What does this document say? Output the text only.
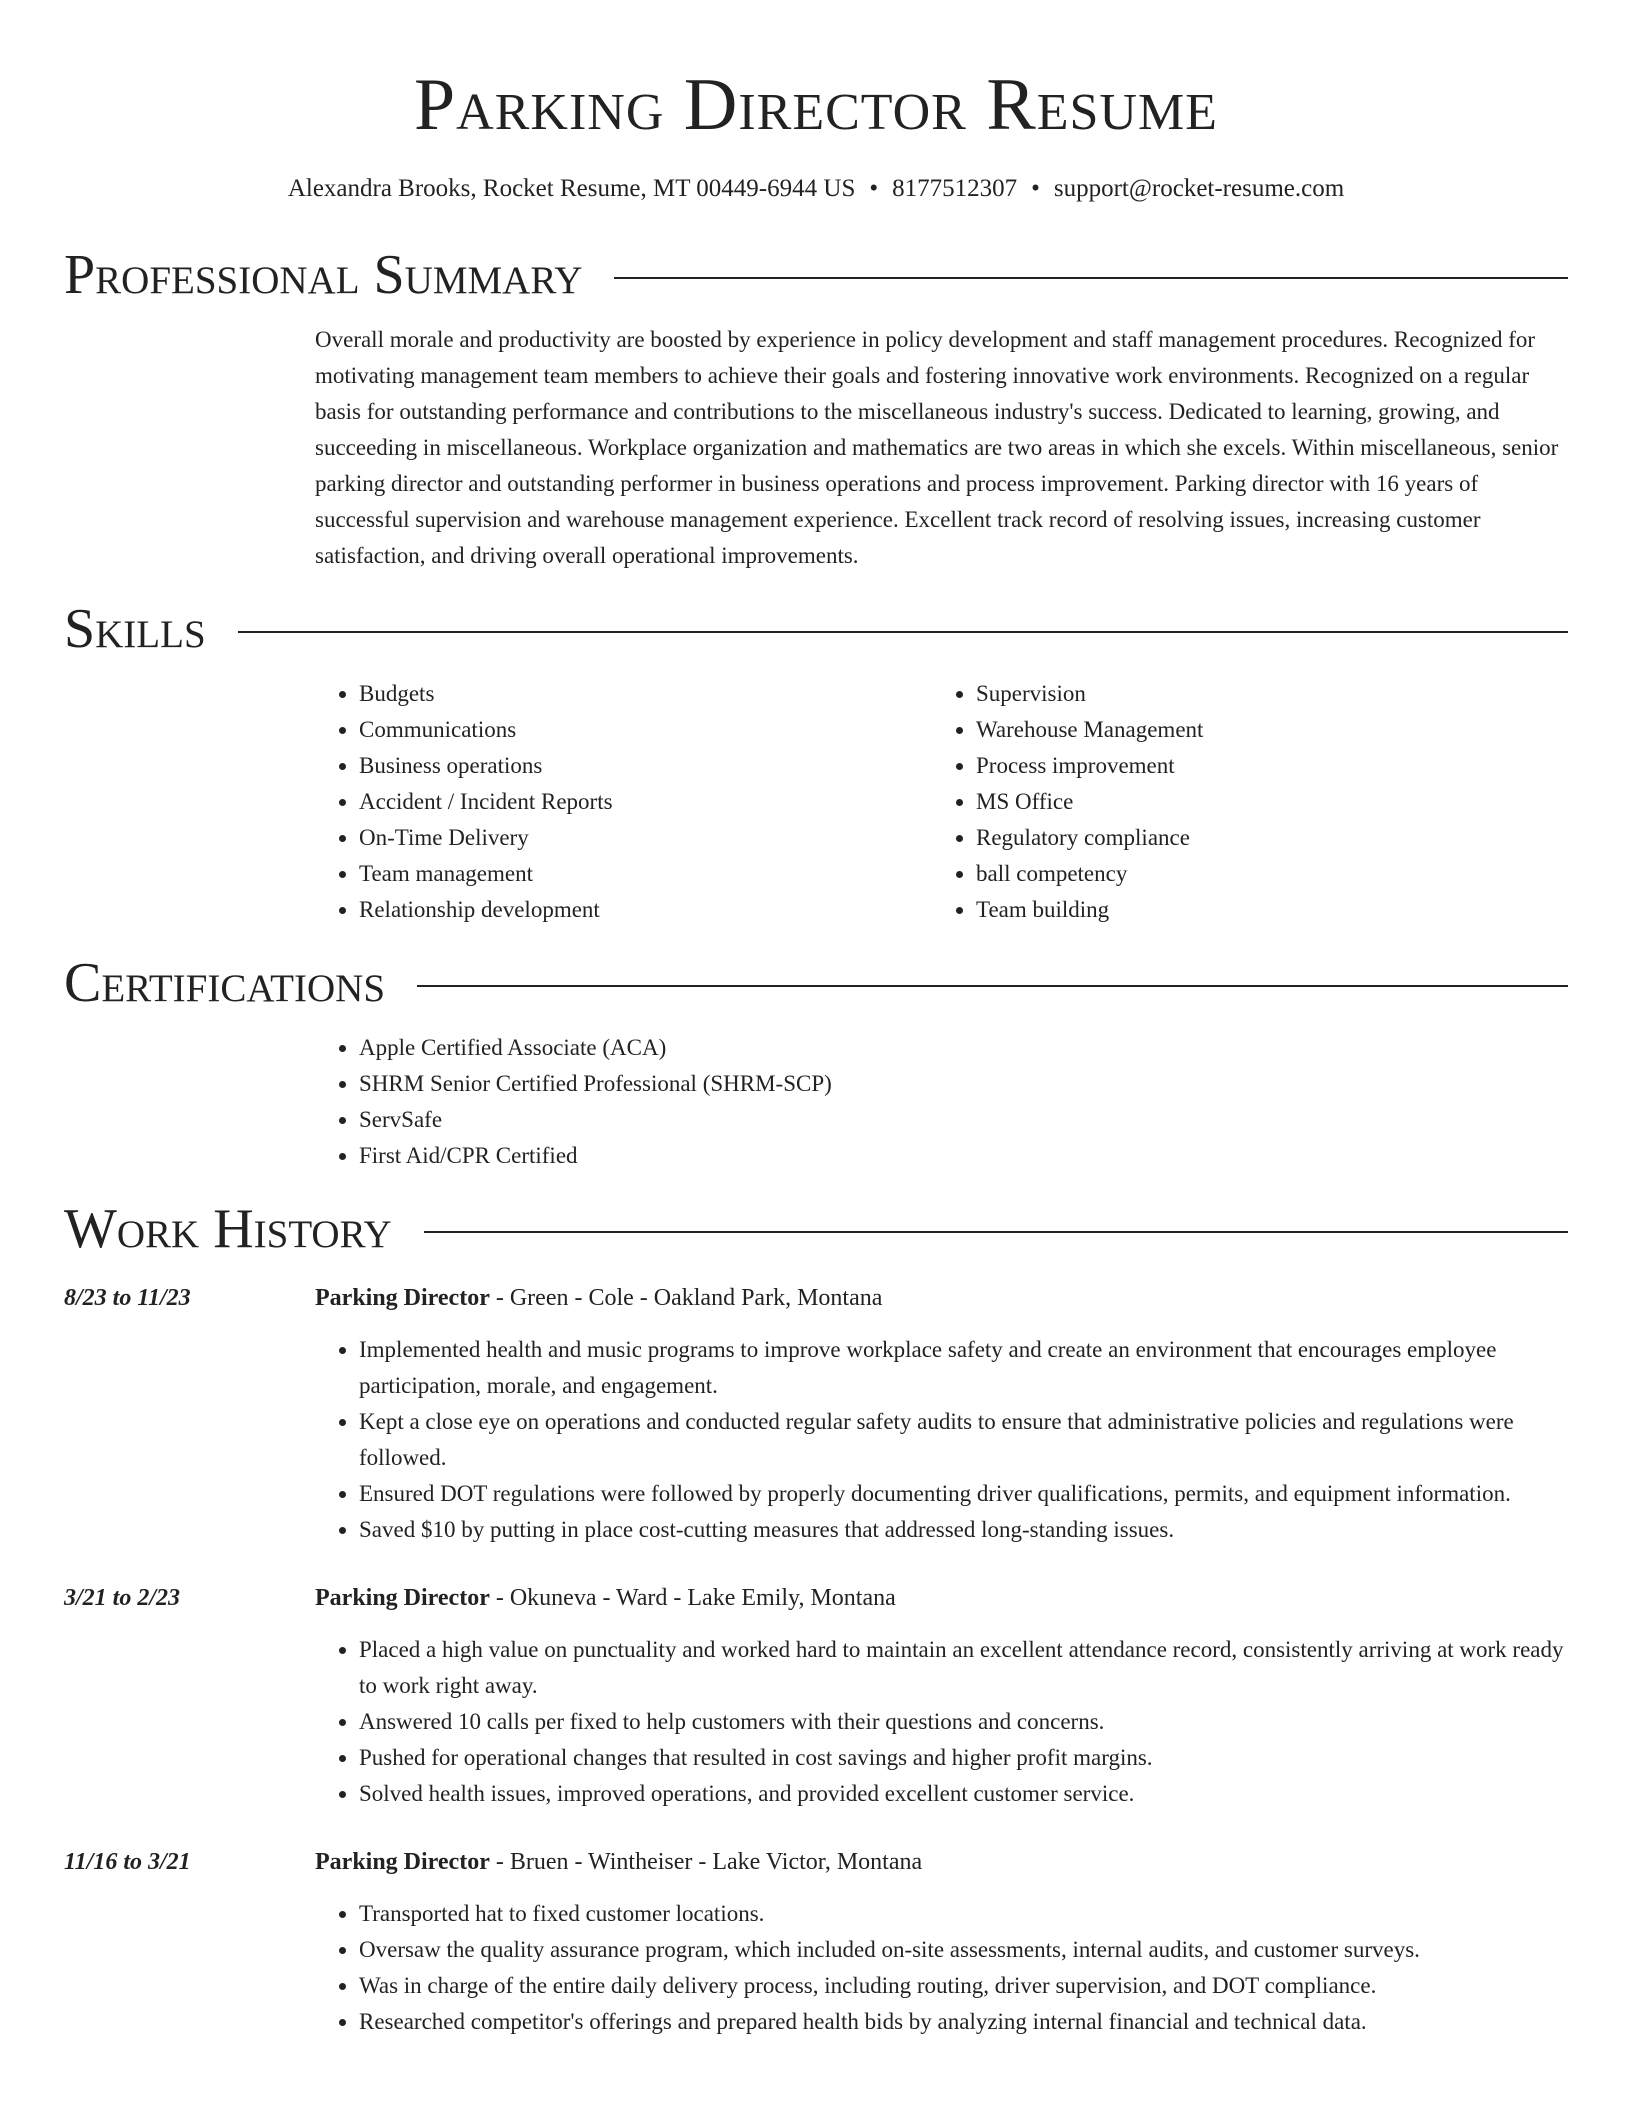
Parking Director Resume
Alexandra Brooks, Rocket Resume, MT 00449-6944 US • 8177512307 • support@rocket-resume.com
Professional Summary

Overall morale and productivity are boosted by experience in policy development and staff management procedures. Recognized for motivating management team members to achieve their goals and fostering innovative work environments. Recognized on a regular basis for outstanding performance and contributions to the miscellaneous industry's success. Dedicated to learning, growing, and succeeding in miscellaneous. Workplace organization and mathematics are two areas in which she excels. Within miscellaneous, senior parking director and outstanding performer in business operations and process improvement. Parking director with 16 years of successful supervision and warehouse management experience. Excellent track record of resolving issues, increasing customer satisfaction, and driving overall operational improvements.

Skills
• Budgets
• Communications
• Business operations
• Accident / Incident Reports
• On-Time Delivery
• Team management
• Relationship development
• Supervision
• Warehouse Management
• Process improvement
• MS Office
• Regulatory compliance
• ball competency
• Team building
Certifications
• Apple Certified Associate (ACA)
• SHRM Senior Certified Professional (SHRM-SCP)
• ServSafe
• First Aid/CPR Certified
Work History
8/23 to 11/23	Parking Director - Green - Cole - Oakland Park, Montana
• Implemented health and music programs to improve workplace safety and create an environment that encourages employee participation, morale, and engagement.
• Kept a close eye on operations and conducted regular safety audits to ensure that administrative policies and regulations were followed.
• Ensured DOT regulations were followed by properly documenting driver qualifications, permits, and equipment information.
• Saved $10 by putting in place cost-cutting measures that addressed long-standing issues.
3/21 to 2/23	Parking Director - Okuneva - Ward - Lake Emily, Montana
• Placed a high value on punctuality and worked hard to maintain an excellent attendance record, consistently arriving at work ready to work right away.
• Answered 10 calls per fixed to help customers with their questions and concerns.
• Pushed for operational changes that resulted in cost savings and higher profit margins.
• Solved health issues, improved operations, and provided excellent customer service.
11/16 to 3/21	Parking Director - Bruen - Wintheiser - Lake Victor, Montana
• Transported hat to fixed customer locations.
• Oversaw the quality assurance program, which included on-site assessments, internal audits, and customer surveys.
• Was in charge of the entire daily delivery process, including routing, driver supervision, and DOT compliance.
• Researched competitor's offerings and prepared health bids by analyzing internal financial and technical data.
